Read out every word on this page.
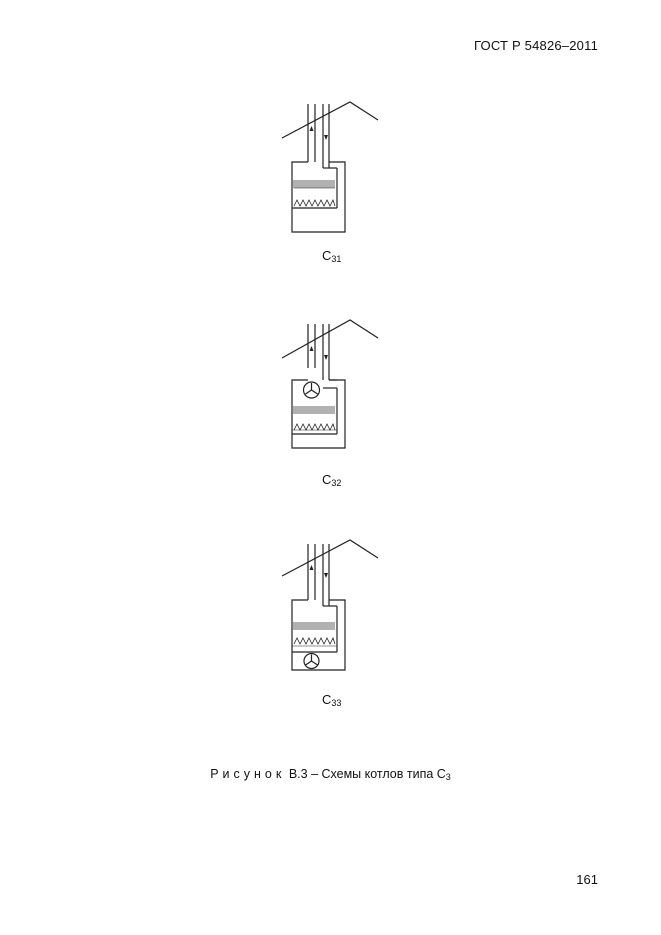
ГОСТ Р 54826–2011
$C_{31}$
$C_{32}$
$C_{33}$
Рисунок В.3 – Схемы котлов типа $С_3$
161
